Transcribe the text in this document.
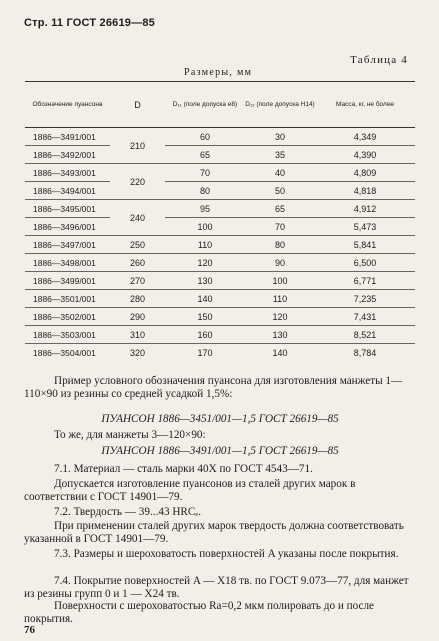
Стр. 11 ГОСТ 26619—85
Таблица 4
Размеры, мм
Обозначение пуансона	D	D₁₁ (поле допуска e8)	D₁₂ (поле допуска H14)	Масса, кг, не более
1886—3491/001	210	60	30	4,349
1886—3492/001		65	35	4,390
1886—3493/001	220	70	40	4,809
1886—3494/001		80	50	4,818
1886—3495/001	240	95	65	4,912
1886—3496/001		100	70	5,473
1886—3497/001	250	110	80	5,841
1886—3498/001	260	120	90	6,500
1886—3499/001	270	130	100	6,771
1886—3501/001	280	140	110	7,235
1886—3502/001	290	150	120	7,431
1886—3503/001	310	160	130	8,521
1886—3504/001	320	170	140	8,784
Пример условного обозначения пуансона для изготовления манжеты 1—110×90 из резины со средней усадкой 1,5%:
ПУАНСОН 1886—3451/001—1,5 ГОСТ 26619—85
То же, для манжеты 3—120×90:
ПУАНСОН 1886—3491/001—1,5 ГОСТ 26619—85
7.1. Материал — сталь марки 40Х по ГОСТ 4543—71.
Допускается изготовление пуансонов из сталей других марок в соответствии с ГОСТ 14901—79.
7.2. Твердость — 39...43 HRCₑ.
При применении сталей других марок твердость должна соответствовать указанной в ГОСТ 14901—79.
7.3. Размеры и шероховатость поверхностей A указаны после покрытия.
7.4. Покрытие поверхностей A — X18 тв. по ГОСТ 9.073—77, для манжет из резины групп 0 и 1 — X24 тв.
Поверхности с шероховатостью Ra=0,2 мкм полировать до и после покрытия.
76
